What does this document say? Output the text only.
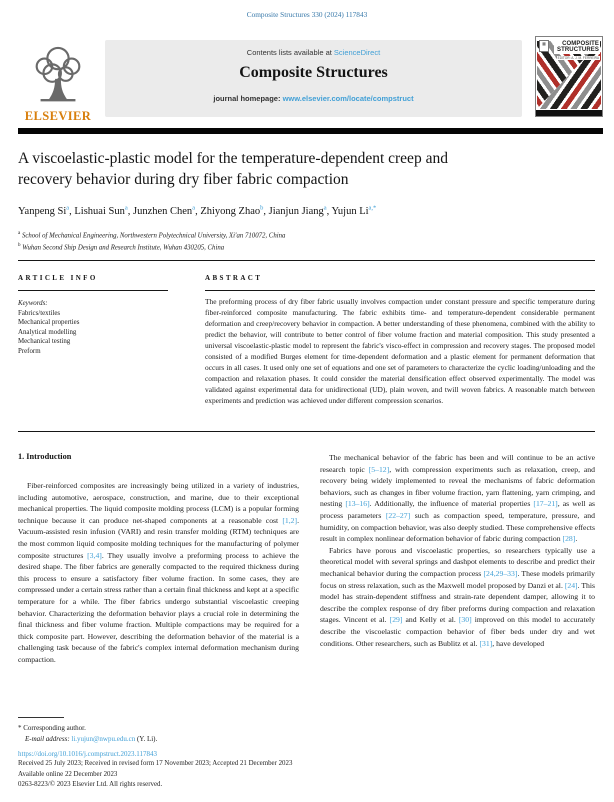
Composite Structures 330 (2024) 117843
ELSEVIER
Contents lists available at ScienceDirect
Composite Structures
journal homepage: www.elsevier.com/locate/compstruct
▦	COMPOSITE
STRUCTURES
EDITOR: A. J. M. FERREIRA
A viscoelastic-plastic model for the temperature-dependent creep and
recovery behavior during dry fiber fabric compaction
Yanpeng Si$^a$, Lishuai Sun$^a$, Junzhen Chen$^a$, Zhiyong Zhao$^b$, Jianjun Jiang$^a$, Yujun $Li^{a,*}$
$^a$ School of Mechanical Engineering, Northwestern Polytechnical University, Xi'an 710072, China
$^b$ Wuhan Second Ship Design and Research Institute, Wuhan 430205, China
ARTICLE INFO
Keywords:
Fabrics/textiles
Mechanical properties
Analytical modelling
Mechanical testing
Preform
ABSTRACT
The preforming process of dry fiber fabric usually involves compaction under constant pressure and specific temperature during fiber-reinforced composite manufacturing. The fabric exhibits time- and temperature-dependent considerable permanent deformation and creep/recovery behavior in compaction. A better understanding of these phenomena, combined with the ability to predict the behavior, will contribute to better control of fiber volume fraction and material composition. This study presented a universal viscoelastic-plastic model to represent the fabric's visco-effect in compression and recovery stages. The proposed model consisted of a modified Burges element for time-dependent deformation and a plastic element for permanent deformation that occurs in all cases. It used only one set of equations and one set of parameters to characterize the cyclic loading/unloading and the compaction and relaxation phases. It could consider the material densification effect observed experimentally. The model was validated against experimental data for unidirectional (UD), plain woven, and twill woven fabrics. A reasonable match between experiments and prediction was achieved under different compression scenarios.
1. Introduction

Fiber-reinforced composites are increasingly being utilized in a variety of industries, including automotive, aerospace, construction, and marine, due to their exceptional mechanical properties. The liquid composite molding process (LCM) is a popular forming technique because it can produce net-shaped components at a reasonable cost [1,2]. Vacuum-assisted resin infusion (VARI) and resin transfer molding (RTM) techniques are the most common liquid composite molding techniques for the manufacturing of polymer composite structures [3,4]. They usually involve a preforming process to achieve the desired shape. The fiber fabrics are generally compacted to the required thickness during this process to ensure a satisfactory fiber volume fraction. In some cases, they are compressed under a certain stress rather than a certain final thickness and kept at a specific temperature for a while. The fiber fabrics undergo substantial viscoelastic creeping behavior. Characterizing the deformation behavior plays a crucial role in determining the final thickness and fiber volume fraction. Multiple compactions may be required for a thick composite part. However, describing the deformation behavior of the material is a challenging task because of the fabric's complex internal deformation mechanism during compaction.

The mechanical behavior of the fabric has been and will continue to be an active research topic [5–12], with compression experiments such as relaxation, creep, and recovery being widely implemented to reveal the mechanisms of fabric deformation behaviors, such as changes in fiber volume fraction, yarn flattening, yarn crimping, and nesting [13–16]. Additionally, the influence of material properties [17–21], as well as process parameters [22–27] such as compaction speed, temperature, pressure, and humidity, on compaction behavior, was also deeply studied. These comprehensive effects result in complex nonlinear deformation behavior of fabric during compaction [28].

Fabrics have porous and viscoelastic properties, so researchers typically use a theoretical model with several springs and dashpot elements to describe and predict their mechanical behavior during the compaction process [24,29–33]. These models primarily focus on stress relaxation, such as the Maxwell model proposed by Danzi et al. [24]. This model has strain-dependent stiffness and strain-rate dependent damper, allowing it to describe the complex response of dry fiber preforms during compaction and relaxation stages. Vincent et al. [29] and Kelly et al. [30] improved on this model to accurately describe the viscoelastic compaction behavior of fiber beds under dry and wet conditions. Other researchers, such as Bublitz et al. [31], have developed

* Corresponding author.
E-mail address: li.yujun@nwpu.edu.cn (Y. Li).
https://doi.org/10.1016/j.compstruct.2023.117843
Received 25 July 2023; Received in revised form 17 November 2023; Accepted 21 December 2023
Available online 22 December 2023
0263-8223/© 2023 Elsevier Ltd. All rights reserved.
